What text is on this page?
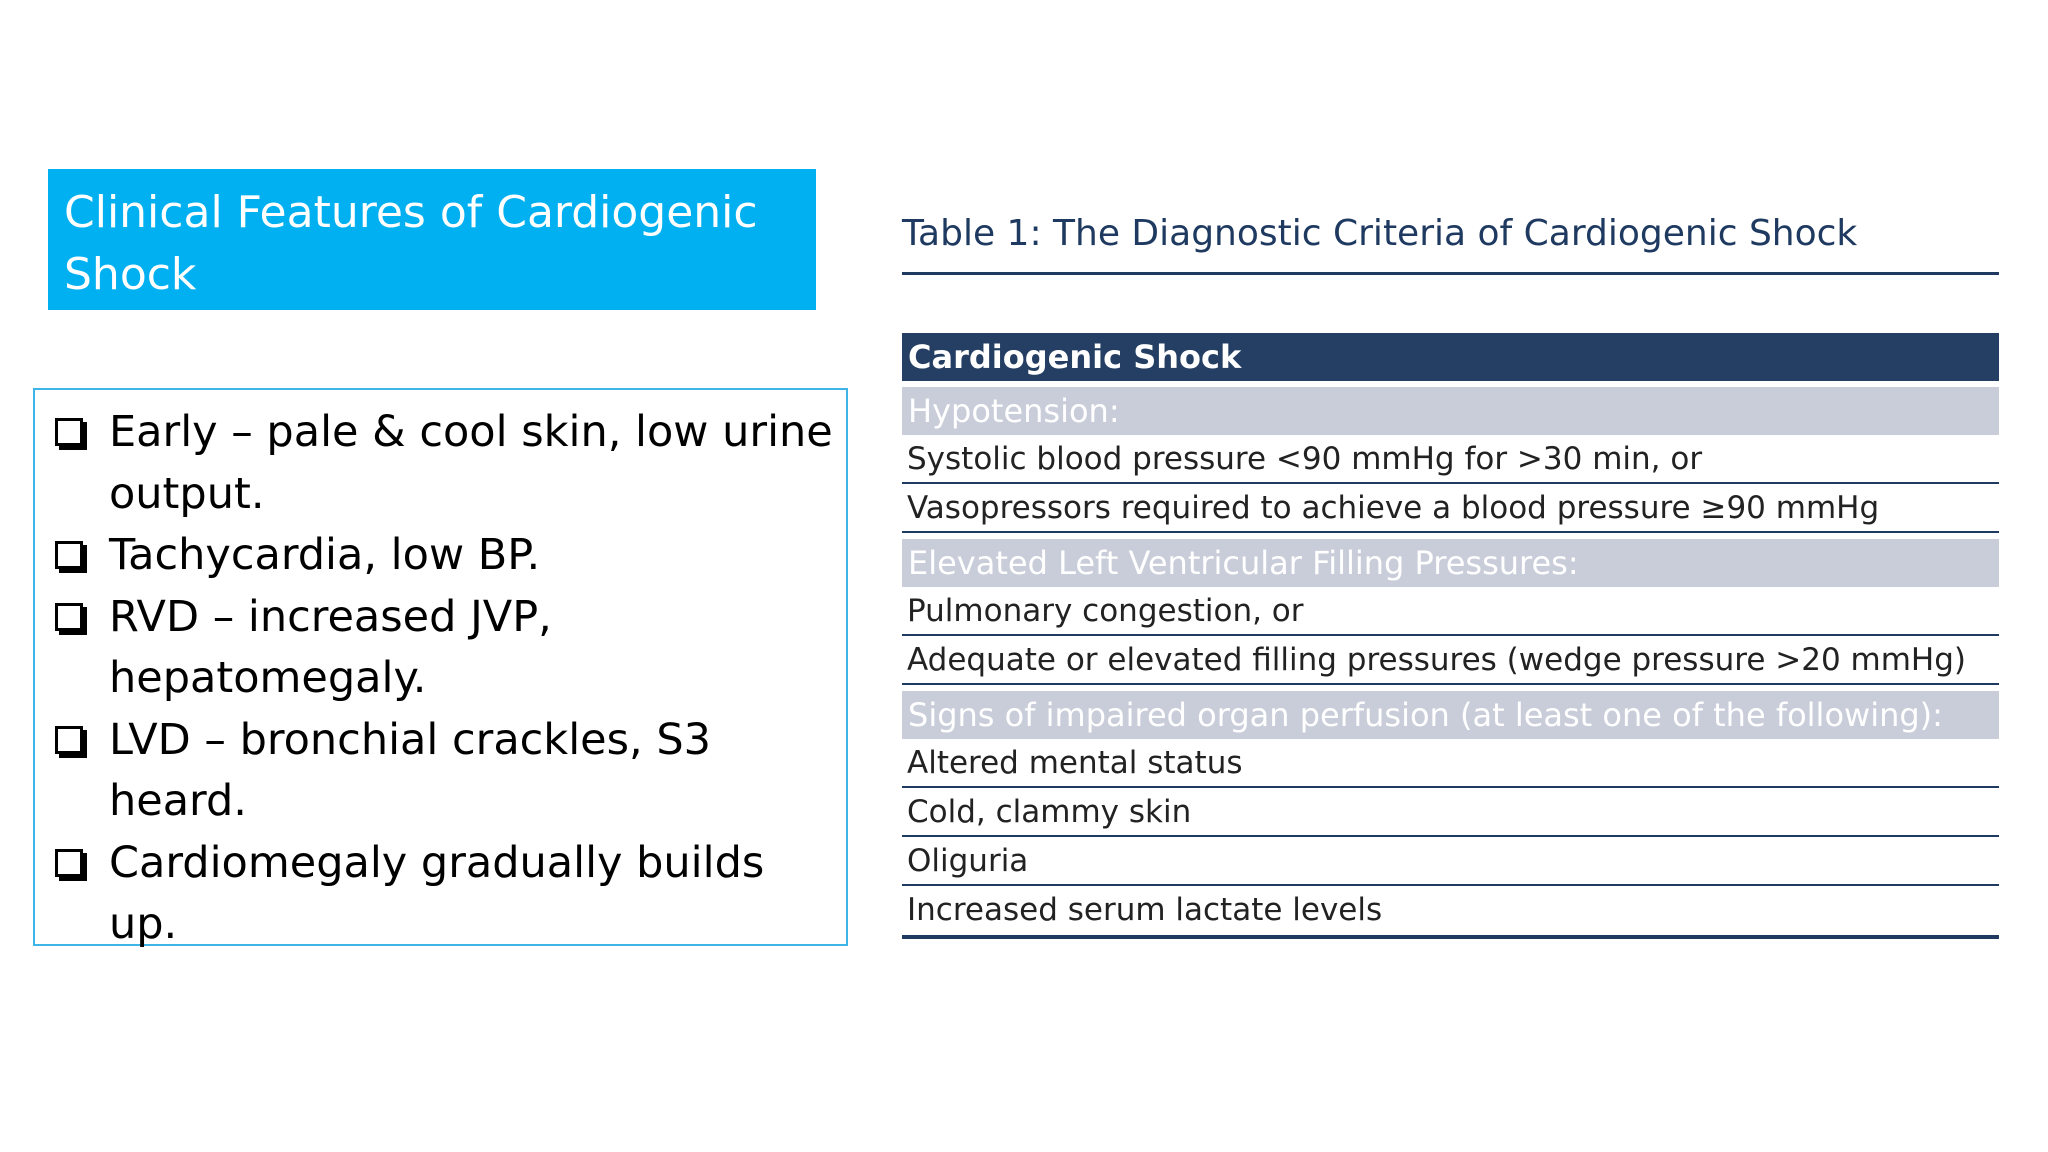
Clinical Features of Cardiogenic Shock
Early – pale & cool skin, low urine output.
Tachycardia, low BP.
RVD – increased JVP, hepatomegaly.
LVD – bronchial crackles, S3 heard.
Cardiomegaly gradually builds up.
Table 1: The Diagnostic Criteria of Cardiogenic Shock
Cardiogenic Shock
Hypotension:
Systolic blood pressure <90 mmHg for >30 min, or
Vasopressors required to achieve a blood pressure ≥90 mmHg
Elevated Left Ventricular Filling Pressures:
Pulmonary congestion, or
Adequate or elevated filling pressures (wedge pressure >20 mmHg)
Signs of impaired organ perfusion (at least one of the following):
Altered mental status
Cold, clammy skin
Oliguria
Increased serum lactate levels
